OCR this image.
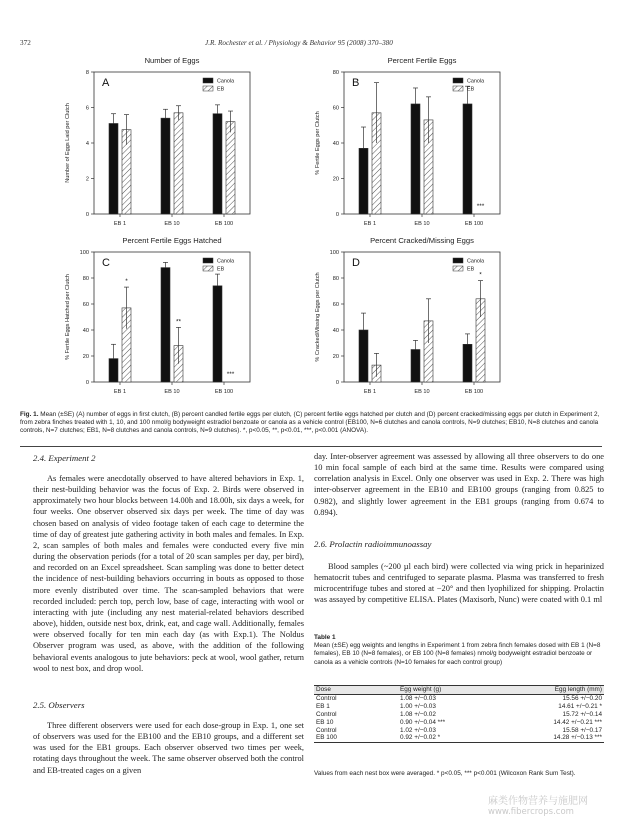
372	J.R. Rochester et al. / Physiology & Behavior 95 (2008) 370–380
Number of Eggs
A
Number of Eggs Laid per Clutch
0
2
4
6
8
EB 1	EB 10	EB 100
Canola
EB
Percent Fertile Eggs
B
% Fertile Eggs per Clutch
0
20
40
60
80
EB 1	EB 10	EB 100
***
Canola
EB
Percent Fertile Eggs Hatched
C
% Fertile Eggs Hatched per Clutch
0
20
40
60
80
100
EB 1
*
EB 10
**
EB 100
***
Canola
EB
Percent Cracked/Missing Eggs
D
% Cracked/Missing Eggs per Clutch
0
20
40
60
80
100
EB 1	EB 10	EB 100
*
Canola
EB
Fig. 1. Mean (±SE) (A) number of eggs in first clutch, (B) percent candled fertile eggs per clutch, (C) percent fertile eggs hatched per clutch and (D) percent cracked/missing eggs per clutch in Experiment 2, from zebra finches treated with 1, 10, and 100 nmol/g bodyweight estradiol benzoate or canola as a vehicle control (EB100, N=6 clutches and canola controls, N=9 clutches; EB10, N=8 clutches and canola controls, N=7 clutches; EB1, N=8 clutches and canola controls, N=9 clutches). *, p<0.05, **, p<0.01, ***, p<0.001 (ANOVA).
2.4. Experiment 2

As females were anecdotally observed to have altered behaviors in Exp. 1, their nest-building behavior was the focus of Exp. 2. Birds were observed in approximately two hour blocks between 14.00h and 18.00h, six days a week, for four weeks. One observer observed six days per week. The time of day was chosen based on analysis of video footage taken of each cage to determine the time of day of greatest jute gathering activity in both males and females. In Exp. 2, scan samples of both males and females were conducted every five min during the observation periods (for a total of 20 scan samples per day, per bird), and recorded on an Excel spreadsheet. Scan sampling was done to better detect the incidence of nest-building behaviors occurring in bouts as opposed to those more evenly distributed over time. The scan-sampled behaviors that were recorded included: perch top, perch low, base of cage, interacting with wool or interacting with jute (including any nest material-related behaviors described above), hidden, outside nest box, drink, eat, and cage wall. Additionally, females were observed focally for ten min each day (as with Exp.1). The Noldus Observer program was used, as above, with the addition of the following behavioral events analogous to jute behaviors: peck at wool, wool gather, return wool to nest box, and drop wool.

2.5. Observers

Three different observers were used for each dose-group in Exp. 1, one set of observers was used for the EB100 and the EB10 groups, and a different set was used for the EB1 groups. Each observer observed two times per week, rotating days throughout the week. The same observer observed both the control and EB-treated cages on a given

day. Inter-observer agreement was assessed by allowing all three observers to do one 10 min focal sample of each bird at the same time. Results were compared using correlation analysis in Excel. Only one observer was used in Exp. 2. There was high inter-observer agreement in the EB10 and EB100 groups (ranging from 0.825 to 0.982), and slightly lower agreement in the EB1 groups (ranging from 0.674 to 0.894).

2.6. Prolactin radioimmunoassay

Blood samples (~200 µl each bird) were collected via wing prick in heparinized hematocrit tubes and centrifuged to separate plasma. Plasma was transferred to fresh microcentrifuge tubes and stored at −20° and then lyophilized for shipping. Prolactin was assayed by competitive ELISA. Plates (Maxisorb, Nunc) were coated with 0.1 ml

Table 1
Mean (±SE) egg weights and lengths in Experiment 1 from zebra finch females dosed with EB 1 (N=8 females), EB 10 (N=8 females), or EB 100 (N=8 females) nmol/g bodyweight estradiol benzoate or canola as a vehicle controls (N=10 females for each control group)
Dose	Egg weight (g)	Egg length (mm)
Control	1.08 +/−0.03	15.56 +/−0.20
EB 1	1.00 +/−0.03	14.61 +/−0.21 *
Control	1.08 +/−0.02	15.72 +/−0.14
EB 10	0.90 +/−0.04 ***	14.42 +/−0.21 ***
Control	1.02 +/−0.03	15.58 +/−0.17
EB 100	0.92 +/−0.02 *	14.28 +/−0.13 ***
Values from each nest box were averaged. * p<0.05, *** p<0.001 (Wilcoxon Rank Sum Test).
麻类作物营养与施肥网
www.fibercrops.com
